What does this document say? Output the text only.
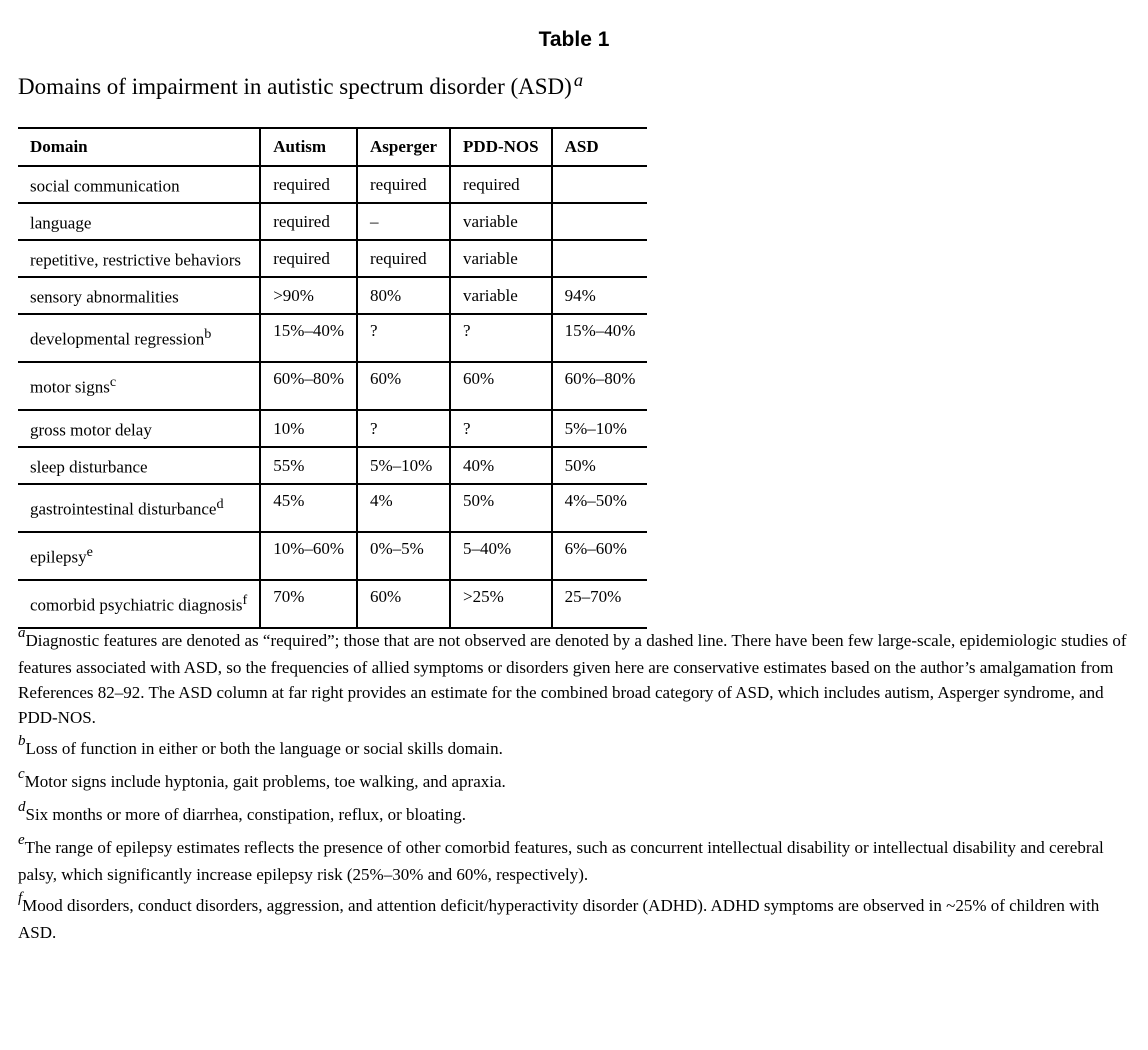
Table 1
Domains of impairment in autistic spectrum disorder (ASD) $^a$
Domain	Autism	Asperger	PDD-NOS	ASD
social communication	required	required	required	
language	required	–	variable	
repetitive, restrictive behaviors	required	required	variable	
sensory abnormalities	>90%	80%	variable	94%
developmental regression$^b$	15%–40%	?	?	15%–40%
motor signs$^c$	60%–80%	60%	60%	60%–80%
gross motor delay	10%	?	?	5%–10%
sleep disturbance	55%	5%–10%	40%	50%
gastrointestinal disturbance$^d$	45%	4%	50%	4%–50%
epilepsy$^e$	10%–60%	0%–5%	5–40%	6%–60%
comorbid psychiatric diagnosis$^f$	70%	60%	>25%	25–70%

aDiagnostic features are denoted as “required”; those that are not observed are denoted by a dashed line. There have been few large-scale, epidemiologic studies of features associated with ASD, so the frequencies of allied symptoms or disorders given here are conservative estimates based on the author’s amalgamation from References 82–92. The ASD column at far right provides an estimate for the combined broad category of ASD, which includes autism, Asperger syndrome, and PDD-NOS.

bLoss of function in either or both the language or social skills domain.

cMotor signs include hyptonia, gait problems, toe walking, and apraxia.

dSix months or more of diarrhea, constipation, reflux, or bloating.

eThe range of epilepsy estimates reflects the presence of other comorbid features, such as concurrent intellectual disability or intellectual disability and cerebral palsy, which significantly increase epilepsy risk (25%–30% and 60%, respectively).

fMood disorders, conduct disorders, aggression, and attention deficit/hyperactivity disorder (ADHD). ADHD symptoms are observed in ~25% of children with ASD.
